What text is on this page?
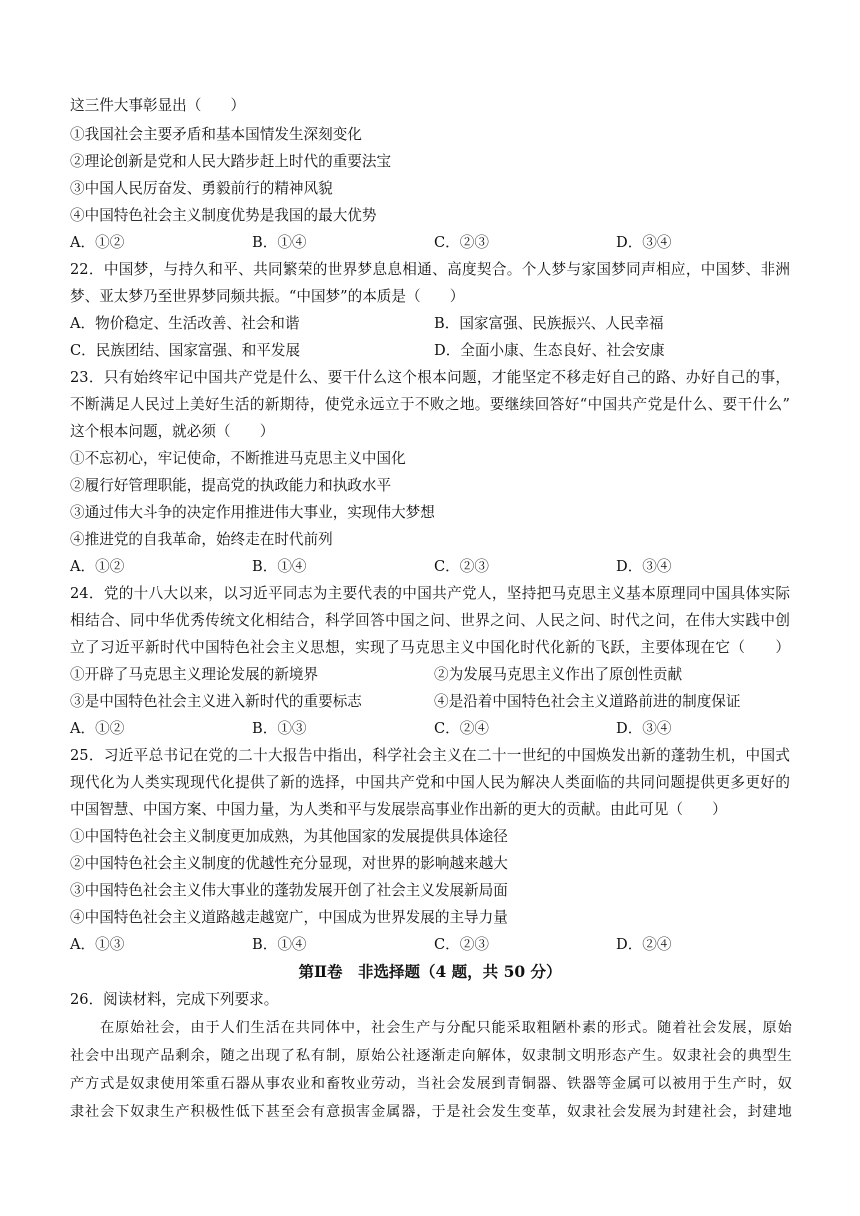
这三件大事彰显出（　　）
①我国社会主要矛盾和基本国情发生深刻变化
②理论创新是党和人民大踏步赶上时代的重要法宝
③中国人民厉奋发、勇毅前行的精神风貌
④中国特色社会主义制度优势是我国的最大优势
A．①②	B．①④	C．②③	D．③④
22．中国梦，与持久和平、共同繁荣的世界梦息息相通、高度契合。个人梦与家国梦同声相应，中国梦、非洲
梦、亚太梦乃至世界梦同频共振。“中国梦”的本质是（　　）
A．物价稳定、生活改善、社会和谐	B．国家富强、民族振兴、人民幸福
C．民族团结、国家富强、和平发展	D．全面小康、生态良好、社会安康
23．只有始终牢记中国共产党是什么、要干什么这个根本问题，才能坚定不移走好自己的路、办好自己的事，
不断满足人民过上美好生活的新期待，使党永远立于不败之地。要继续回答好“中国共产党是什么、要干什么”
这个根本问题，就必须（　　）
①不忘初心，牢记使命，不断推进马克思主义中国化
②履行好管理职能，提高党的执政能力和执政水平
③通过伟大斗争的决定作用推进伟大事业，实现伟大梦想
④推进党的自我革命，始终走在时代前列
A．①②	B．①④	C．②③	D．③④
24．党的十八大以来，以习近平同志为主要代表的中国共产党人，坚持把马克思主义基本原理同中国具体实际
相结合、同中华优秀传统文化相结合，科学回答中国之问、世界之问、人民之问、时代之问，在伟大实践中创
立了习近平新时代中国特色社会主义思想，实现了马克思主义中国化时代化新的飞跃，主要体现在它（　　）
①开辟了马克思主义理论发展的新境界	②为发展马克思主义作出了原创性贡献
③是中国特色社会主义进入新时代的重要标志	④是沿着中国特色社会主义道路前进的制度保证
A．①②	B．①③	C．②④	D．③④
25．习近平总书记在党的二十大报告中指出，科学社会主义在二十一世纪的中国焕发出新的蓬勃生机，中国式
现代化为人类实现现代化提供了新的选择，中国共产党和中国人民为解决人类面临的共同问题提供更多更好的
中国智慧、中国方案、中国力量，为人类和平与发展崇高事业作出新的更大的贡献。由此可见（　　）
①中国特色社会主义制度更加成熟，为其他国家的发展提供具体途径
②中国特色社会主义制度的优越性充分显现，对世界的影响越来越大
③中国特色社会主义伟大事业的蓬勃发展开创了社会主义发展新局面
④中国特色社会主义道路越走越宽广，中国成为世界发展的主导力量
A．①③	B．①④	C．②③	D．②④
第Ⅱ卷　非选择题（4 题，共 50 分）
26．阅读材料，完成下列要求。
在原始社会，由于人们生活在共同体中，社会生产与分配只能采取粗陋朴素的形式。随着社会发展，原始
社会中出现产品剩余，随之出现了私有制，原始公社逐渐走向解体，奴隶制文明形态产生。奴隶社会的典型生
产方式是奴隶使用笨重石器从事农业和畜牧业劳动，当社会发展到青铜器、铁器等金属可以被用于生产时，奴
隶社会下奴隶生产积极性低下甚至会有意损害金属器，于是社会发生变革，奴隶社会发展为封建社会，封建地
